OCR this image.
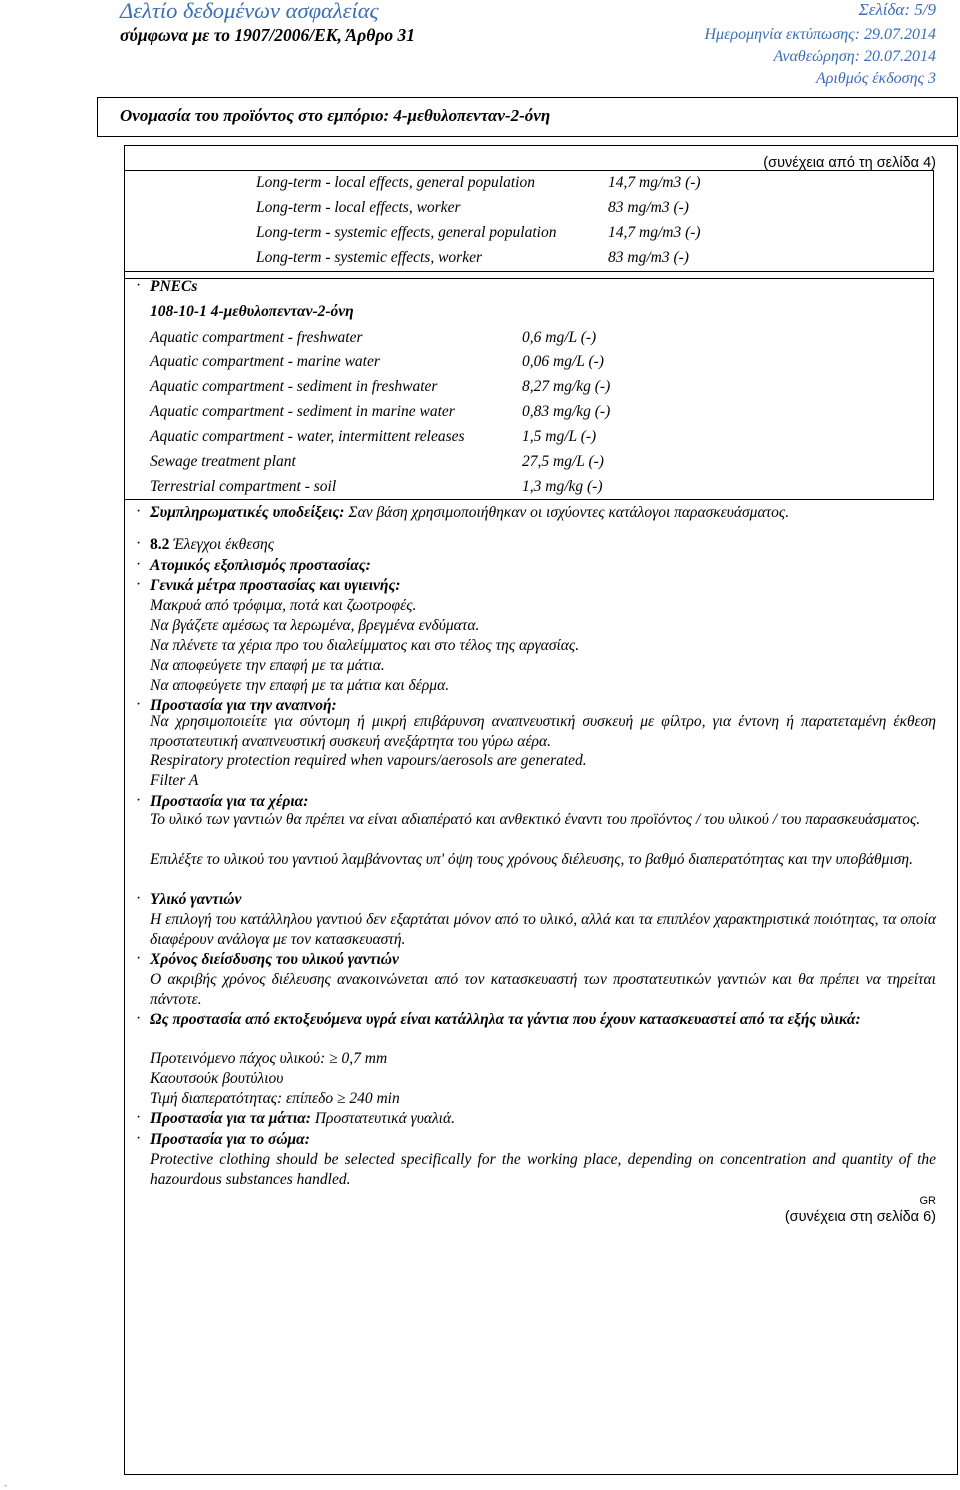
Δελτίο δεδομένων ασφαλείας
σύμφωνα με το 1907/2006/ΕΚ, Άρθρο 31
Σελίδα: 5/9
Ημερομηνία εκτύπωσης: 29.07.2014
Αναθεώρηση: 20.07.2014
Αριθμός έκδοσης 3
Ονομασία του προϊόντος στο εμπόριο: 4-μεθυλοπενταν-2-όνη
(συνέχεια από τη σελίδα 4)
Long-term - local effects, general population	14,7 mg/m3 (-)
Long-term - local effects, worker	83 mg/m3 (-)
Long-term - systemic effects, general population	14,7 mg/m3 (-)
Long-term - systemic effects, worker	83 mg/m3 (-)
· PNECs
108-10-1 4-μεθυλοπενταν-2-όνη
Aquatic compartment - freshwater	0,6 mg/L (-)
Aquatic compartment - marine water	0,06 mg/L (-)
Aquatic compartment - sediment in freshwater	8,27 mg/kg (-)
Aquatic compartment - sediment in marine water	0,83 mg/kg (-)
Aquatic compartment - water, intermittent releases	1,5 mg/L (-)
Sewage treatment plant	27,5 mg/L (-)
Terrestrial compartment - soil	1,3 mg/kg (-)
· Συμπληρωματικές υποδείξεις: Σαν βάση χρησιμοποιήθηκαν οι ισχύοντες κατάλογοι παρασκευάσματος.
· 8.2 Έλεγχοι έκθεσης
· Ατομικός εξοπλισμός προστασίας:
· Γενικά μέτρα προστασίας και υγιεινής:
Μακρυά από τρόφιμα, ποτά και ζωοτροφές.
Να βγάζετε αμέσως τα λερωμένα, βρεγμένα ενδύματα.
Να πλένετε τα χέρια προ του διαλείμματος και στο τέλος της αργασίας.
Να αποφεύγετε την επαφή με τα μάτια.
Να αποφεύγετε την επαφή με τα μάτια και δέρμα.
· Προστασία για την αναπνοή:
Να χρησιμοποιείτε για σύντομη ή μικρή επιβάρυνση αναπνευστική συσκευή με φίλτρο, για έντονη ή παρατεταμένη έκθεση προστατευτική αναπνευστική συσκευή ανεξάρτητα του γύρω αέρα.
Respiratory protection required when vapours/aerosols are generated.
Filter A
· Προστασία για τα χέρια:
Το υλικό των γαντιών θα πρέπει να είναι αδιαπέρατό και ανθεκτικό έναντι του προϊόντος / του υλικού / του παρασκευάσματος.
Επιλέξτε το υλικού του γαντιού λαμβάνοντας υπ' όψη τους χρόνους διέλευσης, το βαθμό διαπερατότητας και την υποβάθμιση.
· Υλικό γαντιών
Η επιλογή του κατάλληλου γαντιού δεν εξαρτάται μόνον από το υλικό, αλλά και τα επιπλέον χαρακτηριστικά ποιότητας, τα οποία διαφέρουν ανάλογα με τον κατασκευαστή.
· Χρόνος διείσδυσης του υλικού γαντιών
Ο ακριβής χρόνος διέλευσης ανακοινώνεται από τον κατασκευαστή των προστατευτικών γαντιών και θα πρέπει να τηρείται πάντοτε.
· Ως προστασία από εκτοξευόμενα υγρά είναι κατάλληλα τα γάντια που έχουν κατασκευαστεί από τα εξής υλικά:
Προτεινόμενο πάχος υλικού: ≥ 0,7 mm
Καουτσούκ βουτύλιου
Τιμή διαπερατότητας: επίπεδο ≥ 240 min
· Προστασία για τα μάτια: Προστατευτικά γυαλιά.
· Προστασία για το σώμα:
Protective clothing should be selected specifically for the working place, depending on concentration and quantity of the hazourdous substances handled.
GR
(συνέχεια στη σελίδα 6)
-
